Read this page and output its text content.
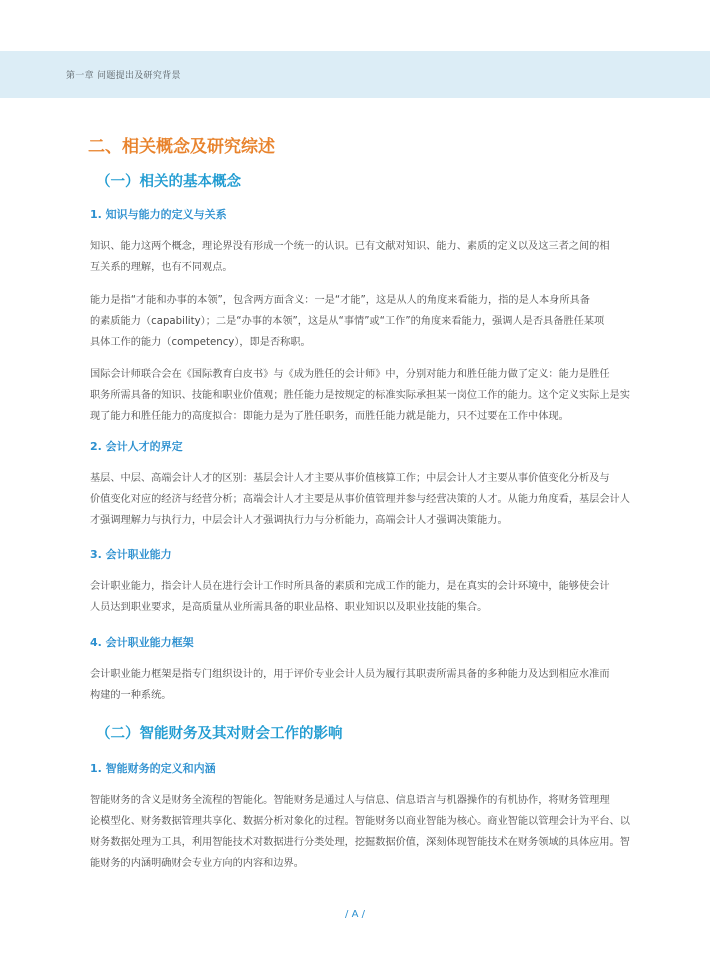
第一章 问题提出及研究背景
二、相关概念及研究综述
（一）相关的基本概念
1. 知识与能力的定义与关系
知识、能力这两个概念，理论界没有形成一个统一的认识。已有文献对知识、能力、素质的定义以及这三者之间的相
互关系的理解，也有不同观点。
能力是指“才能和办事的本领”，包含两方面含义：一是“才能”，这是从人的角度来看能力，指的是人本身所具备
的素质能力（capability）；二是“办事的本领”，这是从“事情”或“工作”的角度来看能力，强调人是否具备胜任某项
具体工作的能力（competency），即是否称职。
国际会计师联合会在《国际教育白皮书》与《成为胜任的会计师》中，分别对能力和胜任能力做了定义：能力是胜任
职务所需具备的知识、技能和职业价值观；胜任能力是按规定的标准实际承担某一岗位工作的能力。这个定义实际上是实
现了能力和胜任能力的高度拟合：即能力是为了胜任职务，而胜任能力就是能力，只不过要在工作中体现。
2. 会计人才的界定
基层、中层、高端会计人才的区别：基层会计人才主要从事价值核算工作；中层会计人才主要从事价值变化分析及与
价值变化对应的经济与经营分析；高端会计人才主要是从事价值管理并参与经营决策的人才。从能力角度看，基层会计人
才强调理解力与执行力，中层会计人才强调执行力与分析能力，高端会计人才强调决策能力。
3. 会计职业能力
会计职业能力，指会计人员在进行会计工作时所具备的素质和完成工作的能力，是在真实的会计环境中，能够使会计
人员达到职业要求，是高质量从业所需具备的职业品格、职业知识以及职业技能的集合。
4. 会计职业能力框架
会计职业能力框架是指专门组织设计的，用于评价专业会计人员为履行其职责所需具备的多种能力及达到相应水准而
构建的一种系统。
（二）智能财务及其对财会工作的影响
1. 智能财务的定义和内涵
智能财务的含义是财务全流程的智能化。智能财务是通过人与信息、信息语言与机器操作的有机协作，将财务管理理
论模型化、财务数据管理共享化、数据分析对象化的过程。智能财务以商业智能为核心。商业智能以管理会计为平台、以
财务数据处理为工具，利用智能技术对数据进行分类处理，挖掘数据价值，深刻体现智能技术在财务领域的具体应用。智
能财务的内涵明确财会专业方向的内容和边界。
/ A /
